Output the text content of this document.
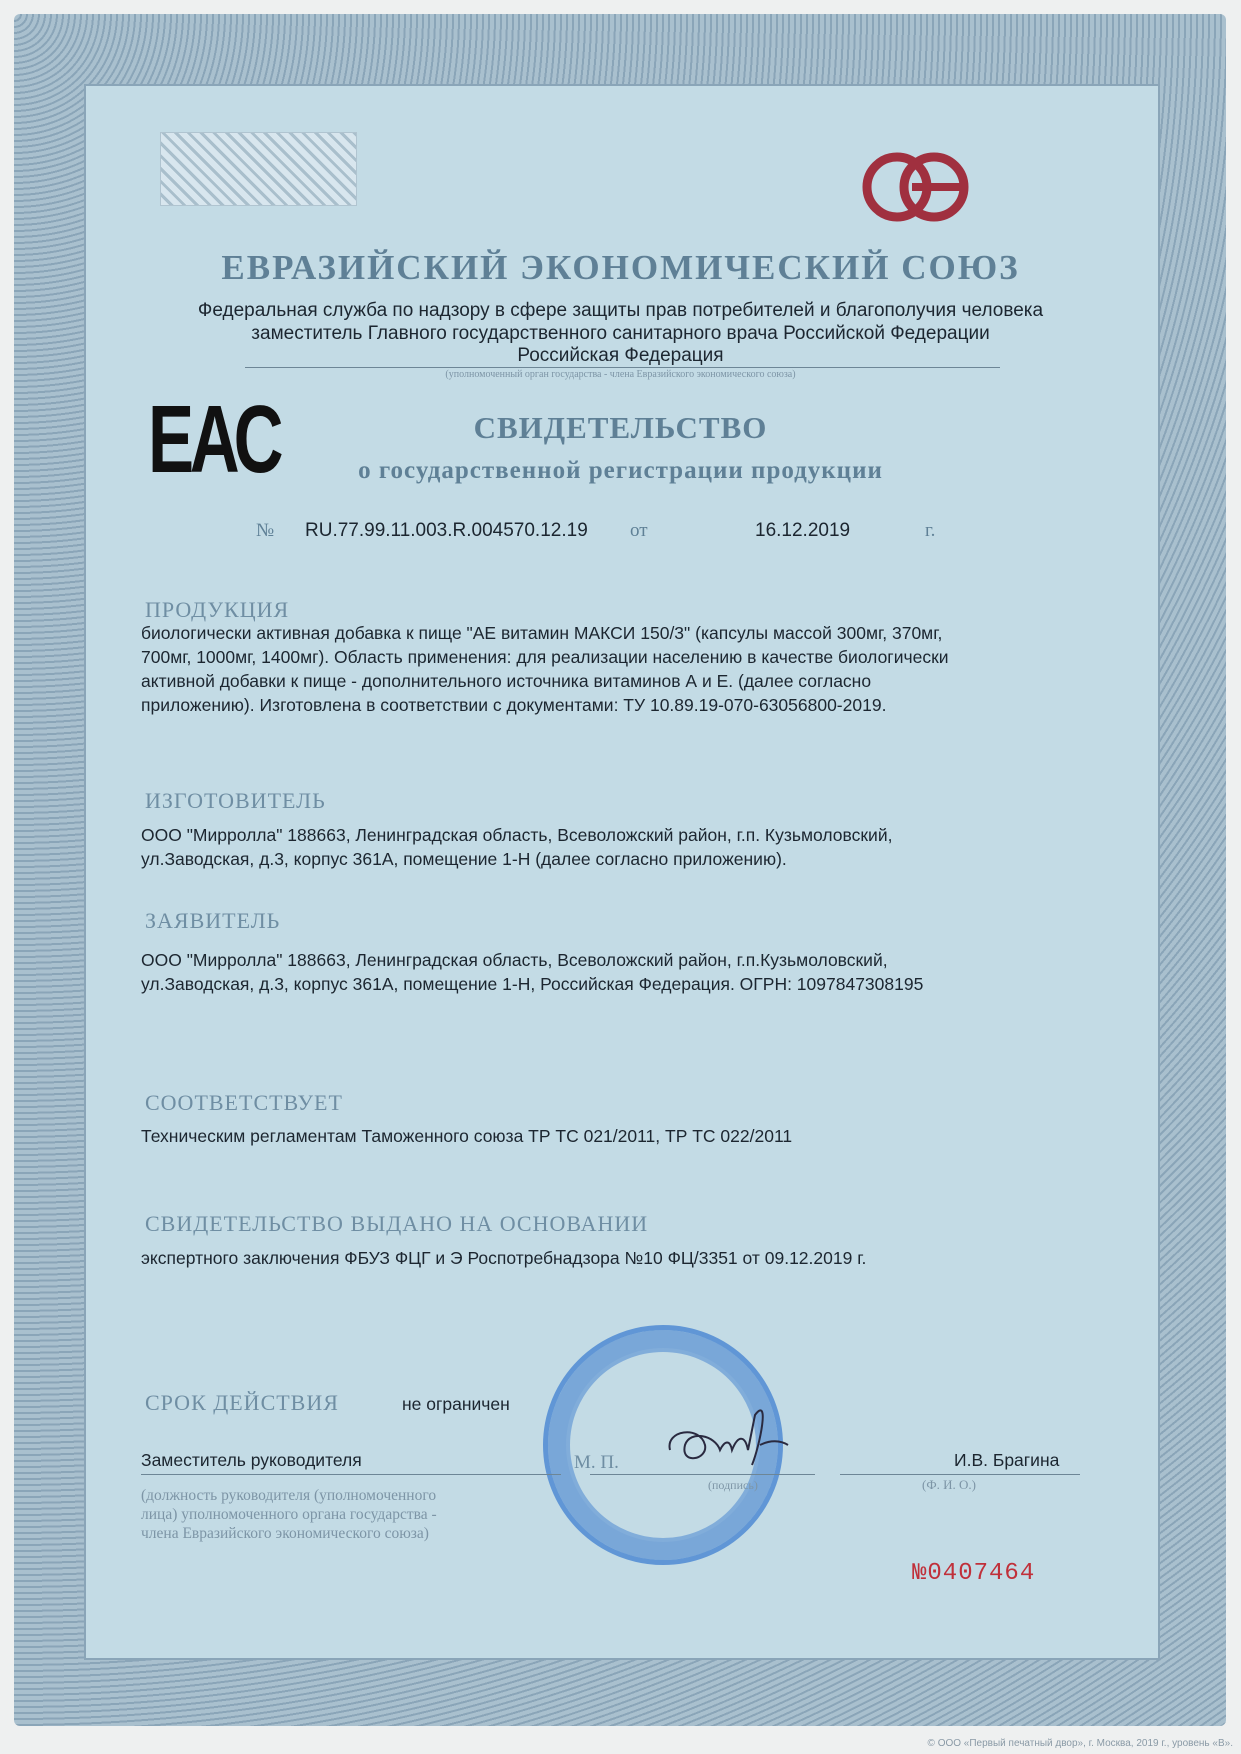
ЕВРАЗИЙСКИЙ ЭКОНОМИЧЕСКИЙ СОЮЗ
Федеральная служба по надзору в сфере защиты прав потребителей и благополучия человека
заместитель Главного государственного санитарного врача Российской Федерации
Российская Федерация
(уполномоченный орган государства - члена Евразийского экономического союза)
ЕАС	СВИДЕТЕЛЬСТВО
о государственной регистрации продукции
№ RU.77.99.11.003.R.004570.12.19 от	16.12.2019	г.
ПРОДУКЦИЯ
биологически активная добавка к пище "АЕ витамин МАКСИ 150/3" (капсулы массой 300мг, 370мг,
700мг, 1000мг, 1400мг). Область применения: для реализации населению в качестве биологически
активной добавки к пище - дополнительного источника витаминов А и Е. (далее согласно
приложению). Изготовлена в соответствии с документами: ТУ 10.89.19-070-63056800-2019.
ИЗГОТОВИТЕЛЬ
ООО "Мирролла" 188663, Ленинградская область, Всеволожский район, г.п. Кузьмоловский,
ул.Заводская, д.3, корпус 361А, помещение 1-Н (далее согласно приложению).
ЗАЯВИТЕЛЬ
ООО "Мирролла" 188663, Ленинградская область, Всеволожский район, г.п.Кузьмоловский,
ул.Заводская, д.3, корпус 361А, помещение 1-Н, Российская Федерация. ОГРН: 1097847308195
СООТВЕТСТВУЕТ
Техническим регламентам Таможенного союза ТР ТС 021/2011, ТР ТС 022/2011
СВИДЕТЕЛЬСТВО ВЫДАНО НА ОСНОВАНИИ
экспертного заключения ФБУЗ ФЦГ и Э Роспотребнадзора №10 ФЦ/3351 от 09.12.2019 г.
СРОК ДЕЙСТВИЯ	не ограничен
Заместитель руководителя	М. П.
(подпись)
И.В. Брагина
(Ф. И. О.)
(должность руководителя (уполномоченного
лица) уполномоченного органа государства -
члена Евразийского экономического союза)
№0407464
© ООО «Первый печатный двор», г. Москва, 2019 г., уровень «В».
